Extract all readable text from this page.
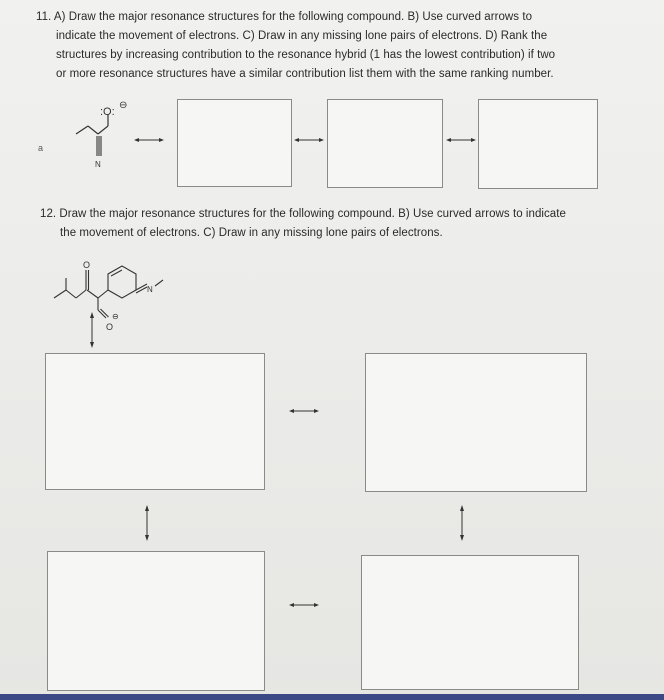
11. A) Draw the major resonance structures for the following compound. B) Use curved arrows to
indicate the movement of electrons. C) Draw in any missing lone pairs of electrons. D) Rank the
structures by increasing contribution to the resonance hybrid (1 has the lowest contribution) if two
or more resonance structures have a similar contribution list them with the same ranking number.
a
:O:
⊖
N
12. Draw the major resonance structures for the following compound. B) Use curved arrows to indicate
the movement of electrons. C) Draw in any missing lone pairs of electrons.
O
N
O
⊖
